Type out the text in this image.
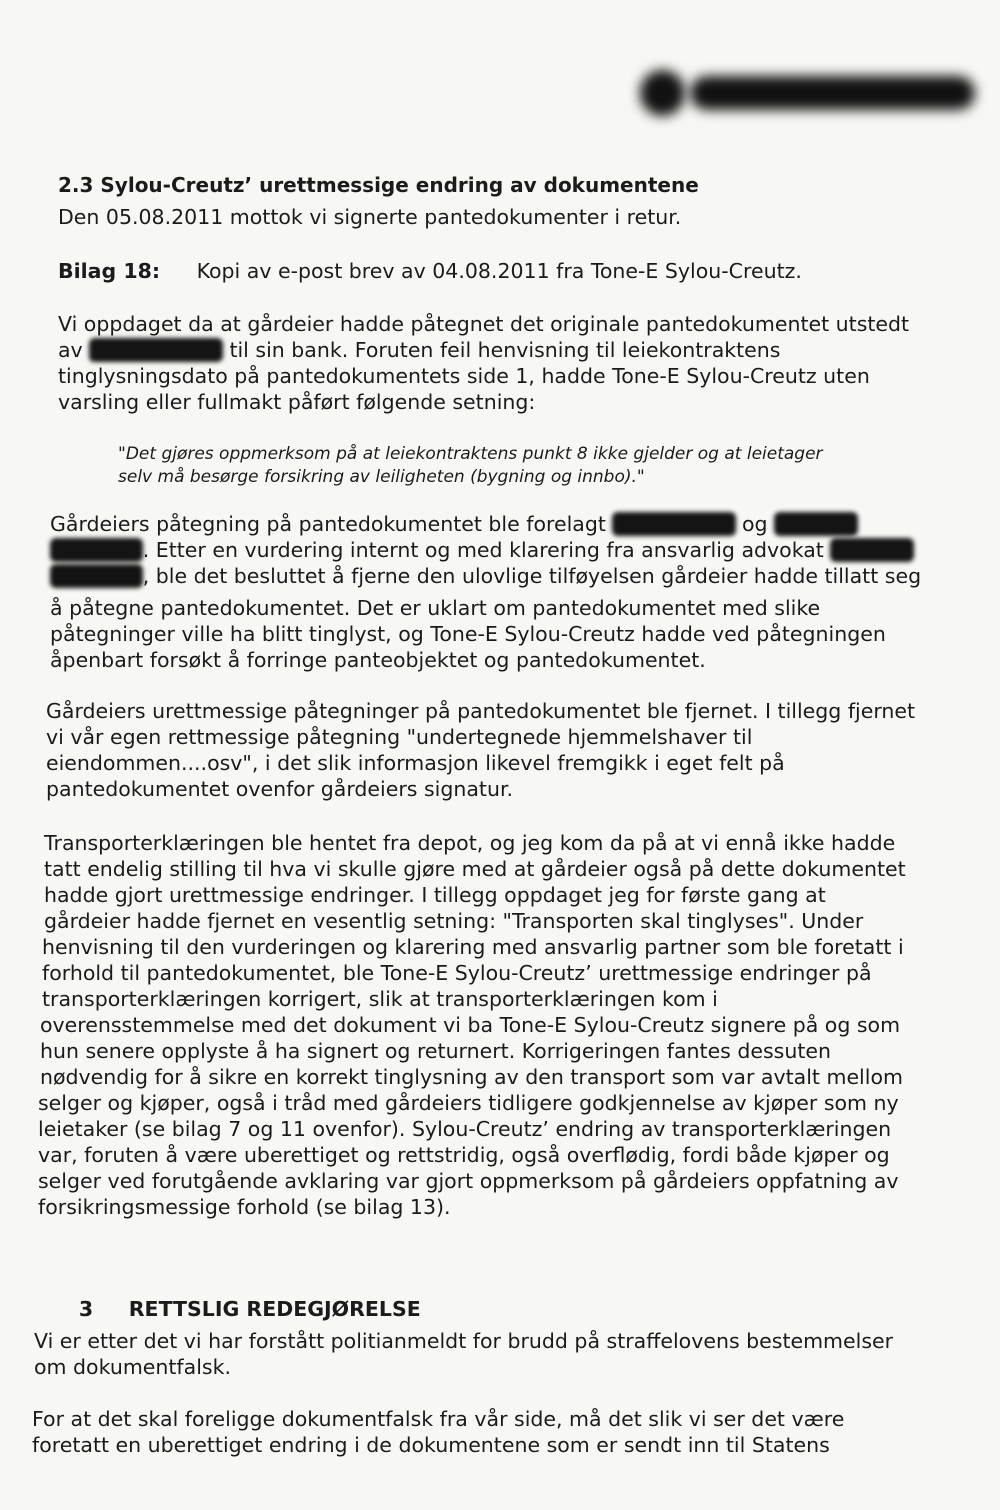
2.3 Sylou-Creutz’ urettmessige endring av dokumentene
Den 05.08.2011 mottok vi signerte pantedokumenter i retur.
Bilag 18: Kopi av e-post brev av 04.08.2011 fra Tone-E Sylou-Creutz.
Vi oppdaget da at gårdeier hadde påtegnet det originale pantedokumentet utstedt
av Johannessen til sin bank. Foruten feil henvisning til leiekontraktens
tinglysningsdato på pantedokumentets side 1, hadde Tone-E Sylou-Creutz uten
varsling eller fullmakt påført følgende setning:
"Det gjøres oppmerksom på at leiekontraktens punkt 8 ikke gjelder og at leietager
selv må besørge forsikring av leiligheten (bygning og innbo)."
Gårdeiers påtegning på pantedokumentet ble forelagt Ole Tokvam og Alf Kåre
Knudsen. Etter en vurdering internt og med klarering fra ansvarlig advokat Alf Kåre
Knudsen, ble det besluttet å fjerne den ulovlige tilføyelsen gårdeier hadde tillatt seg
å påtegne pantedokumentet. Det er uklart om pantedokumentet med slike
påtegninger ville ha blitt tinglyst, og Tone-E Sylou-Creutz hadde ved påtegningen
åpenbart forsøkt å forringe panteobjektet og pantedokumentet.
Gårdeiers urettmessige påtegninger på pantedokumentet ble fjernet. I tillegg fjernet
vi vår egen rettmessige påtegning "undertegnede hjemmelshaver til
eiendommen....osv", i det slik informasjon likevel fremgikk i eget felt på
pantedokumentet ovenfor gårdeiers signatur.
Transporterklæringen ble hentet fra depot, og jeg kom da på at vi ennå ikke hadde
tatt endelig stilling til hva vi skulle gjøre med at gårdeier også på dette dokumentet
hadde gjort urettmessige endringer. I tillegg oppdaget jeg for første gang at
gårdeier hadde fjernet en vesentlig setning: "Transporten skal tinglyses". Under
henvisning til den vurderingen og klarering med ansvarlig partner som ble foretatt i
forhold til pantedokumentet, ble Tone-E Sylou-Creutz’ urettmessige endringer på
transporterklæringen korrigert, slik at transporterklæringen kom i
overensstemmelse med det dokument vi ba Tone-E Sylou-Creutz signere på og som
hun senere opplyste å ha signert og returnert. Korrigeringen fantes dessuten
nødvendig for å sikre en korrekt tinglysning av den transport som var avtalt mellom
selger og kjøper, også i tråd med gårdeiers tidligere godkjennelse av kjøper som ny
leietaker (se bilag 7 og 11 ovenfor). Sylou-Creutz’ endring av transporterklæringen
var, foruten å være uberettiget og rettstridig, også overflødig, fordi både kjøper og
selger ved forutgående avklaring var gjort oppmerksom på gårdeiers oppfatning av
forsikringsmessige forhold (se bilag 13).

3     RETTSLIG REDEGJØRELSE

Vi er etter det vi har forstått politianmeldt for brudd på straffelovens bestemmelser
om dokumentfalsk.
For at det skal foreligge dokumentfalsk fra vår side, må det slik vi ser det være
foretatt en uberettiget endring i de dokumentene som er sendt inn til Statens
